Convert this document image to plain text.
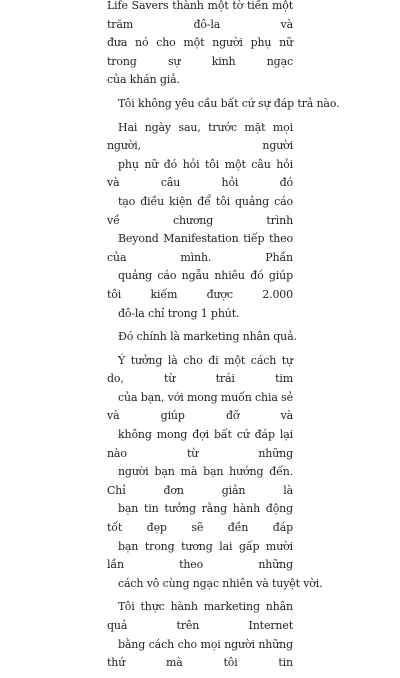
Life Savers thành một tờ tiền một trăm đô-la và
đưa nó cho một người phụ nữ trong sự kinh ngạc
của khán giả.
Tôi không yêu cầu bất cứ sự đáp trả nào.
Hai ngày sau, trước mặt mọi người, người
phụ nữ đó hỏi tôi một câu hỏi và câu hỏi đó
tạo điều kiện để tôi quảng cáo về chương trình
Beyond Manifestation tiếp theo của mình. Phần
quảng cáo ngẫu nhiêu đó giúp tôi kiếm được 2.000
đô-la chỉ trong 1 phút.
Đó chính là marketing nhân quả.
Ý tưởng là cho đi một cách tự do, từ trái tim
của bạn, với mong muốn chia sẻ và giúp đỡ và
không mong đợi bất cứ đáp lại nào từ những
người bạn mà bạn hướng đến. Chỉ đơn giản là
bạn tin tưởng rằng hành động tốt đẹp sẽ đền đáp
bạn trong tương lai gấp mười lần theo những
cách vô cùng ngạc nhiên và tuyệt vời.
Tôi thực hành marketing nhân quả trên Internet
bằng cách cho mọi người những thứ mà tôi tin
